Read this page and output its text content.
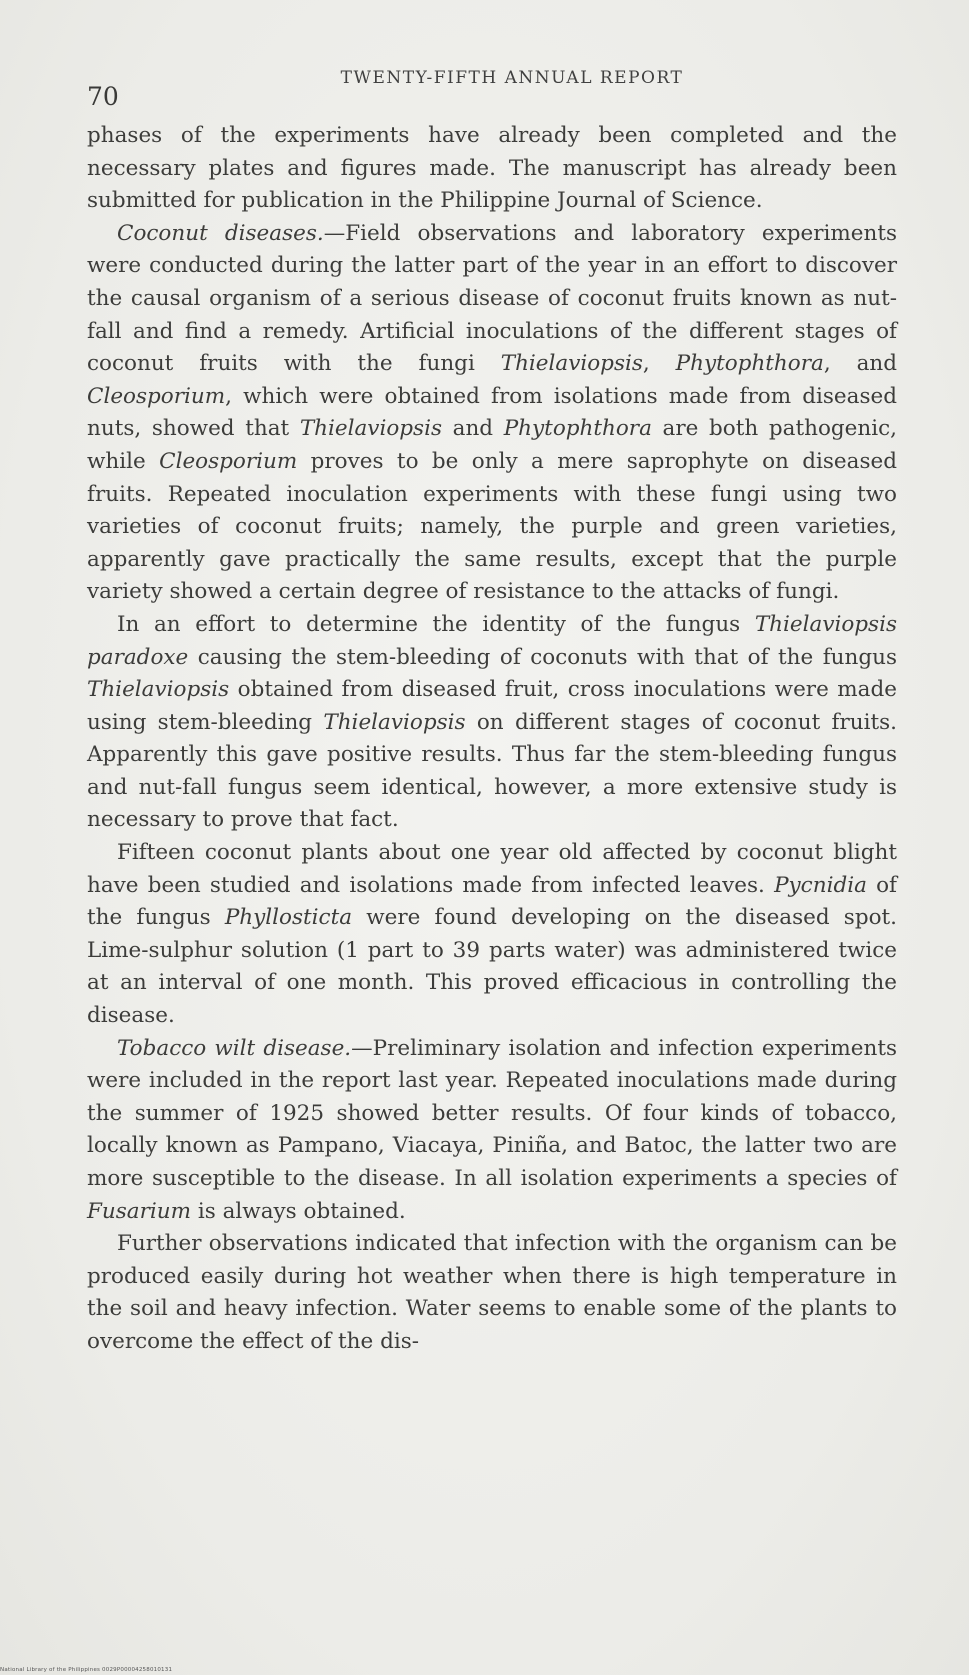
70
TWENTY-FIFTH ANNUAL REPORT

phases of the experiments have already been completed and the necessary plates and figures made. The manuscript has already been submitted for publication in the Philippine Journal of Science.

Coconut diseases.—Field observations and laboratory experiments were conducted during the latter part of the year in an effort to discover the causal organism of a serious disease of coconut fruits known as nut-fall and find a remedy. Artificial inoculations of the different stages of coconut fruits with the fungi Thielaviopsis, Phytophthora, and Cleosporium, which were obtained from isolations made from diseased nuts, showed that Thielaviopsis and Phytophthora are both pathogenic, while Cleosporium proves to be only a mere saprophyte on diseased fruits. Repeated inoculation experiments with these fungi using two varieties of coconut fruits; namely, the purple and green varieties, apparently gave practically the same results, except that the purple variety showed a certain degree of resistance to the attacks of fungi.

In an effort to determine the identity of the fungus Thielaviopsis paradoxe causing the stem-bleeding of coconuts with that of the fungus Thielaviopsis obtained from diseased fruit, cross inoculations were made using stem-bleeding Thielaviopsis on different stages of coconut fruits. Apparently this gave positive results. Thus far the stem-bleeding fungus and nut-fall fungus seem identical, however, a more extensive study is necessary to prove that fact.

Fifteen coconut plants about one year old affected by coconut blight have been studied and isolations made from infected leaves. Pycnidia of the fungus Phyllosticta were found developing on the diseased spot. Lime-sulphur solution (1 part to 39 parts water) was administered twice at an interval of one month. This proved efficacious in controlling the disease.

Tobacco wilt disease.—Preliminary isolation and infection experiments were included in the report last year. Repeated inoculations made during the summer of 1925 showed better results. Of four kinds of tobacco, locally known as Pampano, Viacaya, Piniña, and Batoc, the latter two are more susceptible to the disease. In all isolation experiments a species of Fusarium is always obtained.

Further observations indicated that infection with the organism can be produced easily during hot weather when there is high temperature in the soil and heavy infection. Water seems to enable some of the plants to overcome the effect of the dis-

National Library of the Philippines 0029P00004258010131
